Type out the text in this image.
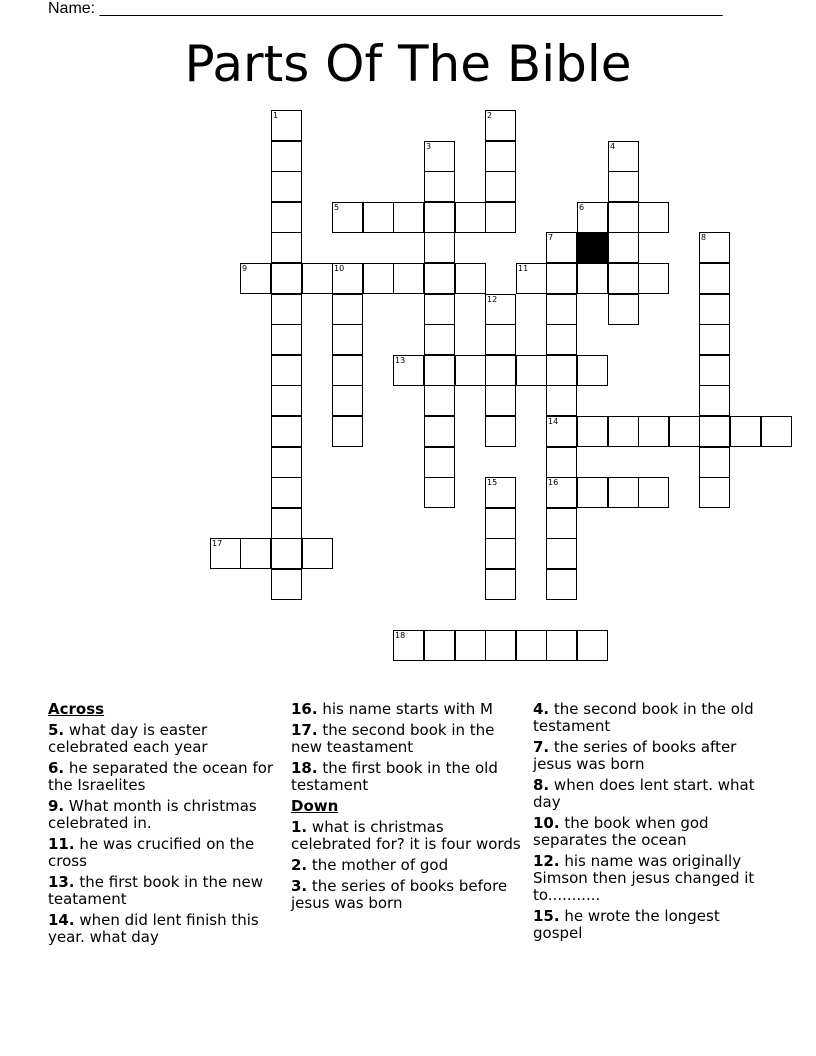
Name: ______________________________________________________________________
Parts Of The Bible
1	2
3	4
5	6
7	8
9	10	11
12
13
14
15	16
17
18
Across
5. what day is easter celebrated each year
6. he separated the ocean for the Israelites
9. What month is christmas celebrated in.
11. he was crucified on the cross
13. the first book in the new teatament
14. when did lent finish this year. what day
16. his name starts with M
17. the second book in the new teastament
18. the first book in the old testament
Down
1. what is christmas celebrated for? it is four words
2. the mother of god
3. the series of books before jesus was born
4. the second book in the old testament
7. the series of books after jesus was born
8. when does lent start. what day
10. the book when god separates the ocean
12. his name was originally Simson then jesus changed it to...........
15. he wrote the longest gospel
